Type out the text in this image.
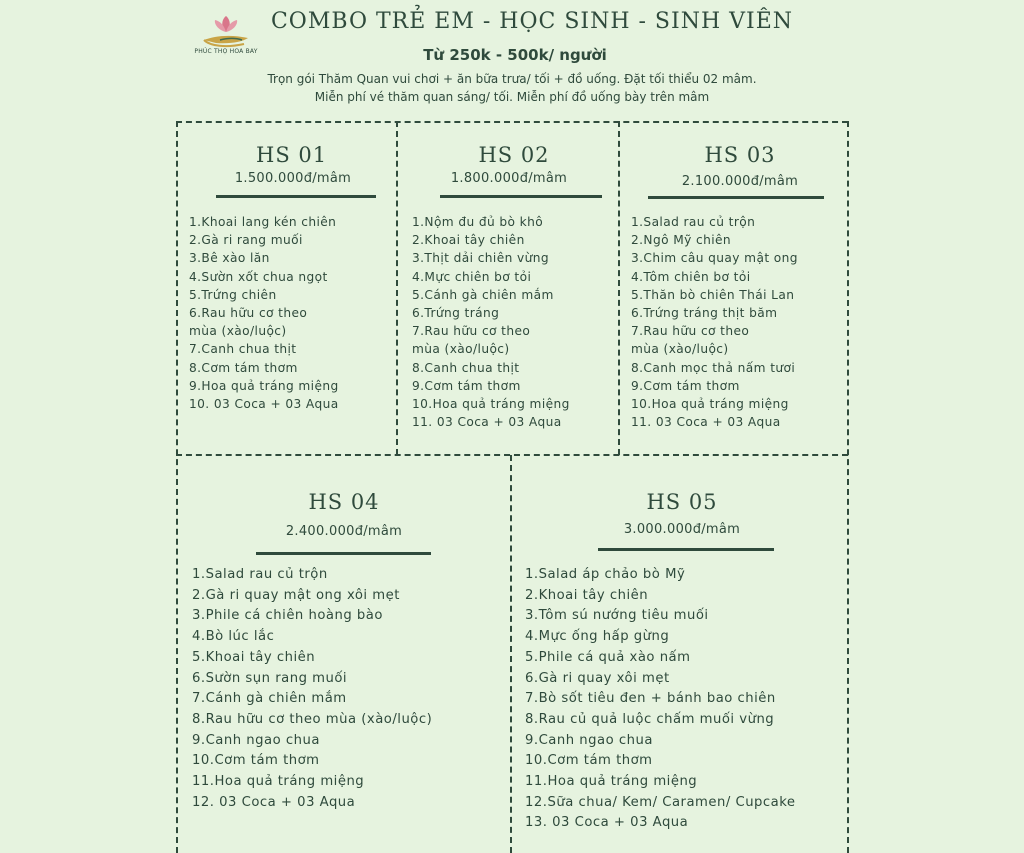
PHÚC THỌ HOA BAY
COMBO TRẺ EM - HỌC SINH - SINH VIÊN
Từ 250k - 500k/ người
Trọn gói Thăm Quan vui chơi + ăn bữa trưa/ tối + đồ uống. Đặt tối thiểu 02 mâm.
Miễn phí vé thăm quan sáng/ tối. Miễn phí đồ uống bày trên mâm
HS 01
1.500.000đ/mâm
1.Khoai lang kén chiên
2.Gà ri rang muối
3.Bê xào lăn
4.Sườn xốt chua ngọt
5.Trứng chiên
6.Rau hữu cơ theo
mùa (xào/luộc)
7.Canh chua thịt
8.Cơm tám thơm
9.Hoa quả tráng miệng
10. 03 Coca + 03 Aqua
HS 02
1.800.000đ/mâm
1.Nộm đu đủ bò khô
2.Khoai tây chiên
3.Thịt dải chiên vừng
4.Mực chiên bơ tỏi
5.Cánh gà chiên mắm
6.Trứng tráng
7.Rau hữu cơ theo
mùa (xào/luộc)
8.Canh chua thịt
9.Cơm tám thơm
10.Hoa quả tráng miệng
11. 03 Coca + 03 Aqua
HS 03
2.100.000đ/mâm
1.Salad rau củ trộn
2.Ngô Mỹ chiên
3.Chim câu quay mật ong
4.Tôm chiên bơ tỏi
5.Thăn bò chiên Thái Lan
6.Trứng tráng thịt băm
7.Rau hữu cơ theo
mùa (xào/luộc)
8.Canh mọc thả nấm tươi
9.Cơm tám thơm
10.Hoa quả tráng miệng
11. 03 Coca + 03 Aqua
HS 04
2.400.000đ/mâm
1.Salad rau củ trộn
2.Gà ri quay mật ong xôi mẹt
3.Phile cá chiên hoàng bào
4.Bò lúc lắc
5.Khoai tây chiên
6.Sườn sụn rang muối
7.Cánh gà chiên mắm
8.Rau hữu cơ theo mùa (xào/luộc)
9.Canh ngao chua
10.Cơm tám thơm
11.Hoa quả tráng miệng
12. 03 Coca + 03 Aqua
HS 05
3.000.000đ/mâm
1.Salad áp chảo bò Mỹ
2.Khoai tây chiên
3.Tôm sú nướng tiêu muối
4.Mực ống hấp gừng
5.Phile cá quả xào nấm
6.Gà ri quay xôi mẹt
7.Bò sốt tiêu đen + bánh bao chiên
8.Rau củ quả luộc chấm muối vừng
9.Canh ngao chua
10.Cơm tám thơm
11.Hoa quả tráng miệng
12.Sữa chua/ Kem/ Caramen/ Cupcake
13. 03 Coca + 03 Aqua
